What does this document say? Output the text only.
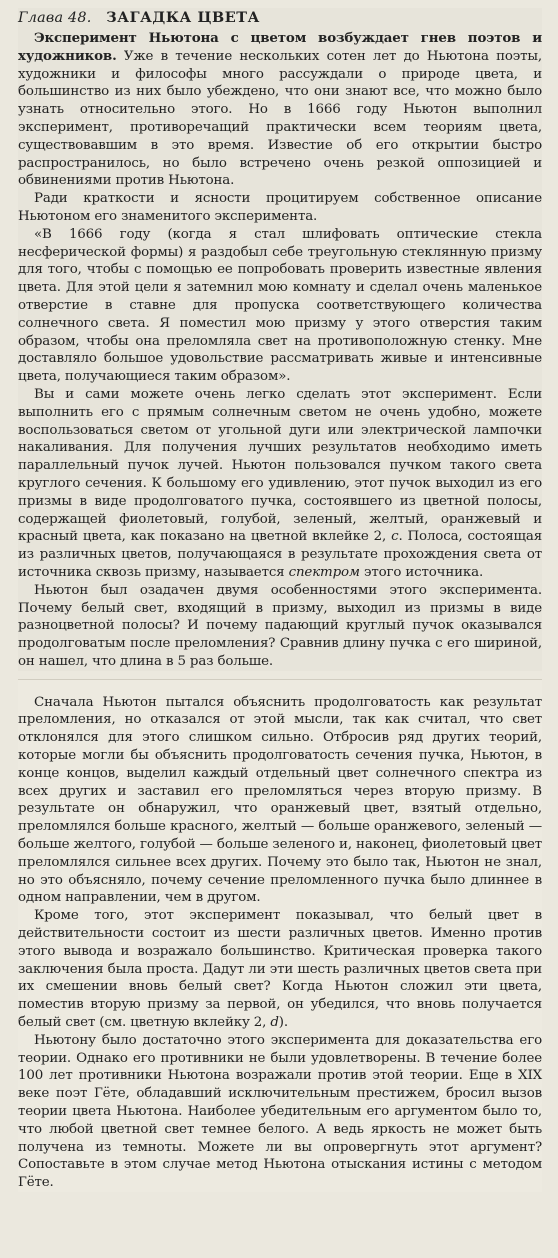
Глава 48. ЗАГАДКА ЦВЕТА

Эксперимент Ньютона с цветом возбуждает гнев поэтов и художников. Уже в течение нескольких сотен лет до Ньютона поэты, художники и философы много рассуждали о природе цвета, и большинство из них было убеждено, что они знают все, что можно было узнать относительно этого. Но в 1666 году Ньютон выполнил эксперимент, противоречащий практически всем теориям цвета, существовавшим в это время. Известие об его открытии быстро распространилось, но было встречено очень резкой оппозицией и обвинениями против Ньютона.

Ради краткости и ясности процитируем собственное описание Ньютоном его знаменитого эксперимента.

«В 1666 году (когда я стал шлифовать оптические стекла несферической формы) я раздобыл себе треугольную стеклянную призму для того, чтобы с помощью ее попробовать проверить известные явления цвета. Для этой цели я затемнил мою комнату и сделал очень маленькое отверстие в ставне для пропуска соответствующего количества солнечного света. Я поместил мою призму у этого отверстия таким образом, чтобы она преломляла свет на противоположную стенку. Мне доставляло большое удовольствие рассматривать живые и интенсивные цвета, получающиеся таким образом».

Вы и сами можете очень легко сделать этот эксперимент. Если выполнить его с прямым солнечным светом не очень удобно, можете воспользоваться светом от угольной дуги или электрической лампочки накаливания. Для получения лучших результатов необходимо иметь параллельный пучок лучей. Ньютон пользовался пучком такого света круглого сечения. К большому его удивлению, этот пучок выходил из его призмы в виде продолговатого пучка, состоявшего из цветной полосы, содержащей фиолетовый, голубой, зеленый, желтый, оранжевый и красный цвета, как показано на цветной вклейке 2, с. Полоса, состоящая из различных цветов, получающаяся в результате прохождения света от источника сквозь призму, называется спектром этого источника.

Ньютон был озадачен двумя особенностями этого эксперимента. Почему белый свет, входящий в призму, выходил из призмы в виде разноцветной полосы? И почему падающий круглый пучок оказывался продолговатым после преломления? Сравнив длину пучка с его шириной, он нашел, что длина в 5 раз больше.

Сначала Ньютон пытался объяснить продолговатость как результат преломления, но отказался от этой мысли, так как считал, что свет отклонялся для этого слишком сильно. Отбросив ряд других теорий, которые могли бы объяснить продолговатость сечения пучка, Ньютон, в конце концов, выделил каждый отдельный цвет солнечного спектра из всех других и заставил его преломляться через вторую призму. В результате он обнаружил, что оранжевый цвет, взятый отдельно, преломлялся больше красного, желтый — больше оранжевого, зеленый — больше желтого, голубой — больше зеленого и, наконец, фиолетовый цвет преломлялся сильнее всех других. Почему это было так, Ньютон не знал, но это объясняло, почему сечение преломленного пучка было длиннее в одном направлении, чем в другом.

Кроме того, этот эксперимент показывал, что белый цвет в действительности состоит из шести различных цветов. Именно против этого вывода и возражало большинство. Критическая проверка такого заключения была проста. Дадут ли эти шесть различных цветов света при их смешении вновь белый свет? Когда Ньютон сложил эти цвета, поместив вторую призму за первой, он убедился, что вновь получается белый свет (см. цветную вклейку 2, d).

Ньютону было достаточно этого эксперимента для доказательства его теории. Однако его противники не были удовлетворены. В течение более 100 лет противники Ньютона возражали против этой теории. Еще в XIX веке поэт Гёте, обладавший исключительным престижем, бросил вызов теории цвета Ньютона. Наиболее убедительным его аргументом было то, что любой цветной свет темнее белого. А ведь яркость не может быть получена из темноты. Можете ли вы опровергнуть этот аргумент? Сопоставьте в этом случае метод Ньютона отыскания истины с методом Гёте.
